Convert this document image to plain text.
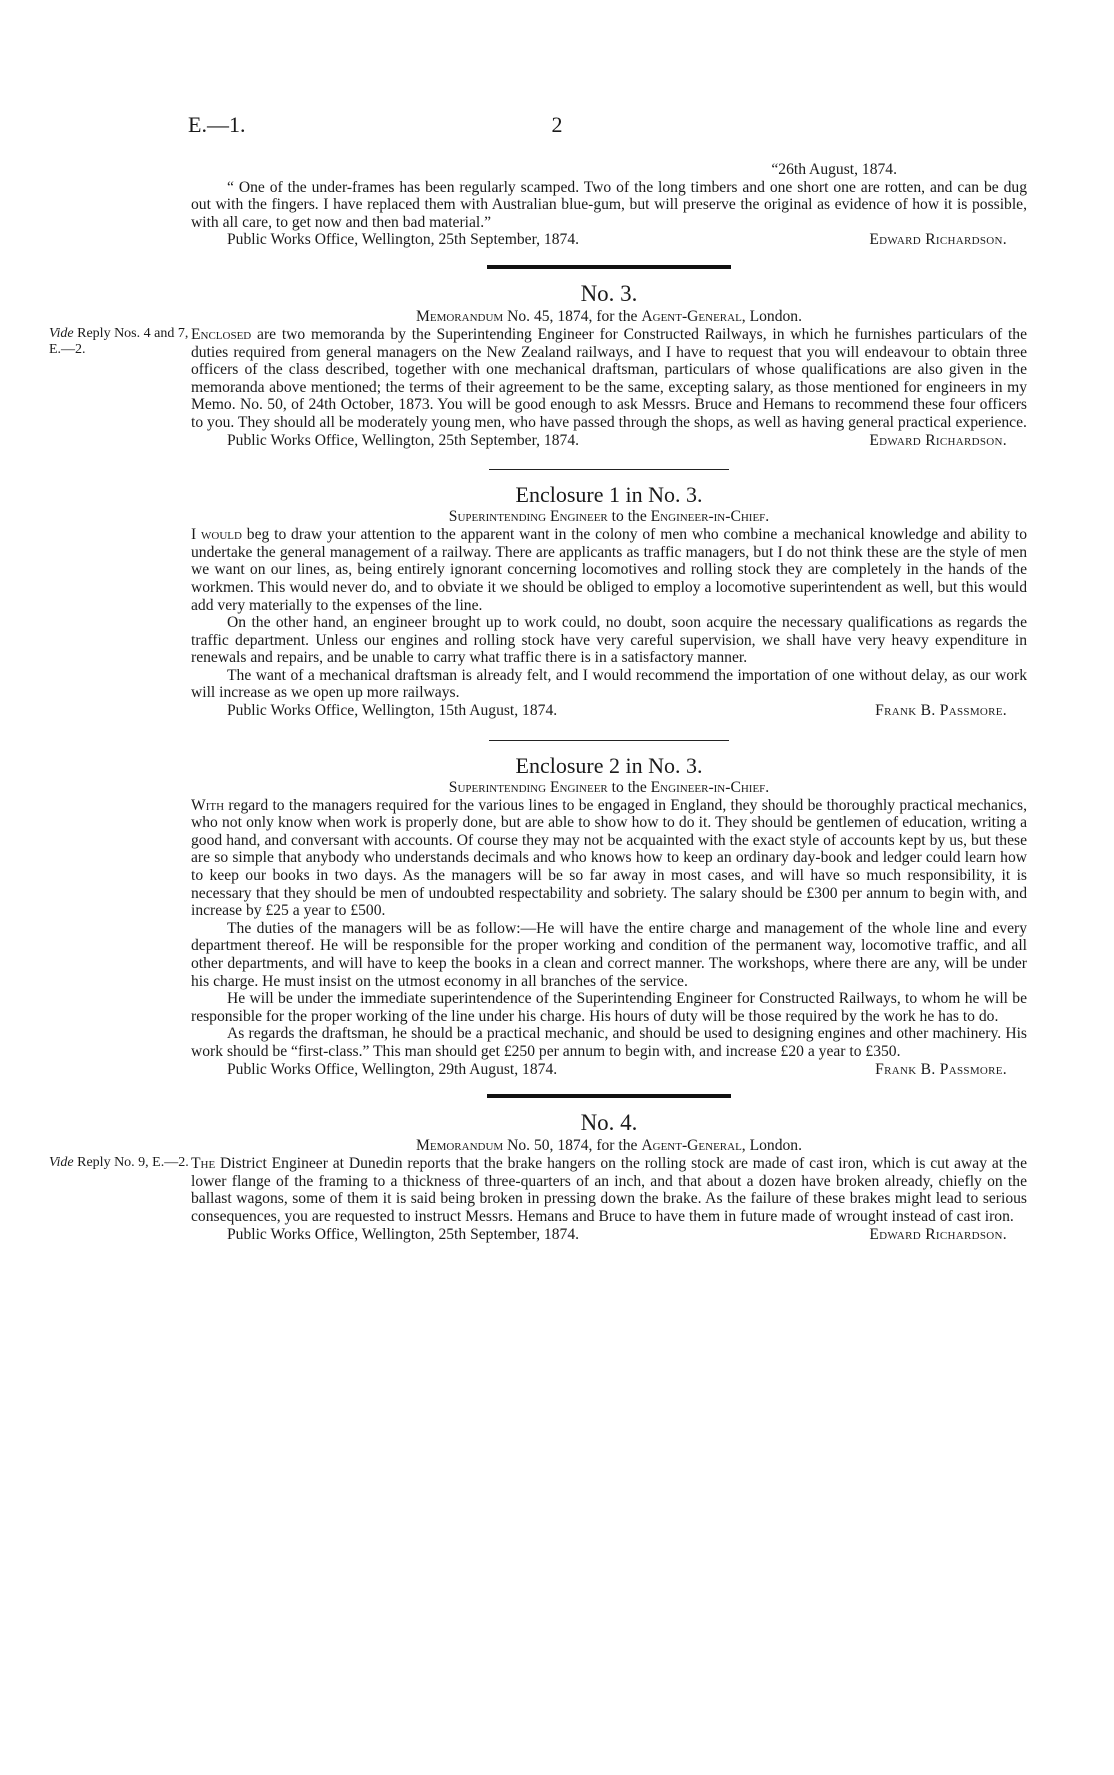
E.—1.	2

“26th August, 1874.

“ One of the under-frames has been regularly scamped. Two of the long timbers and one short one are rotten, and can be dug out with the fingers. I have replaced them with Australian blue-gum, but will preserve the original as evidence of how it is possible, with all care, to get now and then bad material.”

Public Works Office, Wellington, 25th September, 1874.	Edward Richardson.

No. 3.

Memorandum No. 45, 1874, for the Agent-General, London.

Vide Reply Nos. 4 and 7, E.—2.

Enclosed are two memoranda by the Superintending Engineer for Constructed Railways, in which he furnishes particulars of the duties required from general managers on the New Zealand railways, and I have to request that you will endeavour to obtain three officers of the class described, together with one mechanical draftsman, particulars of whose qualifications are also given in the memoranda above mentioned; the terms of their agreement to be the same, excepting salary, as those mentioned for engineers in my Memo. No. 50, of 24th October, 1873. You will be good enough to ask Messrs. Bruce and Hemans to recommend these four officers to you. They should all be moderately young men, who have passed through the shops, as well as having general practical experience.

Public Works Office, Wellington, 25th September, 1874.	Edward Richardson.

Enclosure 1 in No. 3.

Superintending Engineer to the Engineer-in-Chief.

I would beg to draw your attention to the apparent want in the colony of men who combine a mechanical knowledge and ability to undertake the general management of a railway. There are applicants as traffic managers, but I do not think these are the style of men we want on our lines, as, being entirely ignorant concerning locomotives and rolling stock they are completely in the hands of the workmen. This would never do, and to obviate it we should be obliged to employ a locomotive superintendent as well, but this would add very materially to the expenses of the line.

On the other hand, an engineer brought up to work could, no doubt, soon acquire the necessary qualifications as regards the traffic department. Unless our engines and rolling stock have very careful supervision, we shall have very heavy expenditure in renewals and repairs, and be unable to carry what traffic there is in a satisfactory manner.

The want of a mechanical draftsman is already felt, and I would recommend the importation of one without delay, as our work will increase as we open up more railways.

Public Works Office, Wellington, 15th August, 1874.	Frank B. Passmore.

Enclosure 2 in No. 3.

Superintending Engineer to the Engineer-in-Chief.

With regard to the managers required for the various lines to be engaged in England, they should be thoroughly practical mechanics, who not only know when work is properly done, but are able to show how to do it. They should be gentlemen of education, writing a good hand, and conversant with accounts. Of course they may not be acquainted with the exact style of accounts kept by us, but these are so simple that anybody who understands decimals and who knows how to keep an ordinary day-book and ledger could learn how to keep our books in two days. As the managers will be so far away in most cases, and will have so much responsibility, it is necessary that they should be men of undoubted respectability and sobriety. The salary should be £300 per annum to begin with, and increase by £25 a year to £500.

The duties of the managers will be as follow:—He will have the entire charge and management of the whole line and every department thereof. He will be responsible for the proper working and condition of the permanent way, locomotive traffic, and all other departments, and will have to keep the books in a clean and correct manner. The workshops, where there are any, will be under his charge. He must insist on the utmost economy in all branches of the service.

He will be under the immediate superintendence of the Superintending Engineer for Constructed Railways, to whom he will be responsible for the proper working of the line under his charge. His hours of duty will be those required by the work he has to do.

As regards the draftsman, he should be a practical mechanic, and should be used to designing engines and other machinery. His work should be “first-class.” This man should get £250 per annum to begin with, and increase £20 a year to £350.

Public Works Office, Wellington, 29th August, 1874.	Frank B. Passmore.

No. 4.

Memorandum No. 50, 1874, for the Agent-General, London.

Vide Reply No. 9, E.—2. The District Engineer at Dunedin reports that the brake hangers on the rolling stock are made of cast iron, which is cut away at the lower flange of the framing to a thickness of three-quarters of an inch, and that about a dozen have broken already, chiefly on the ballast wagons, some of them it is said being broken in pressing down the brake. As the failure of these brakes might lead to serious consequences, you are requested to instruct Messrs. Hemans and Bruce to have them in future made of wrought instead of cast iron.

Public Works Office, Wellington, 25th September, 1874.	Edward Richardson.
